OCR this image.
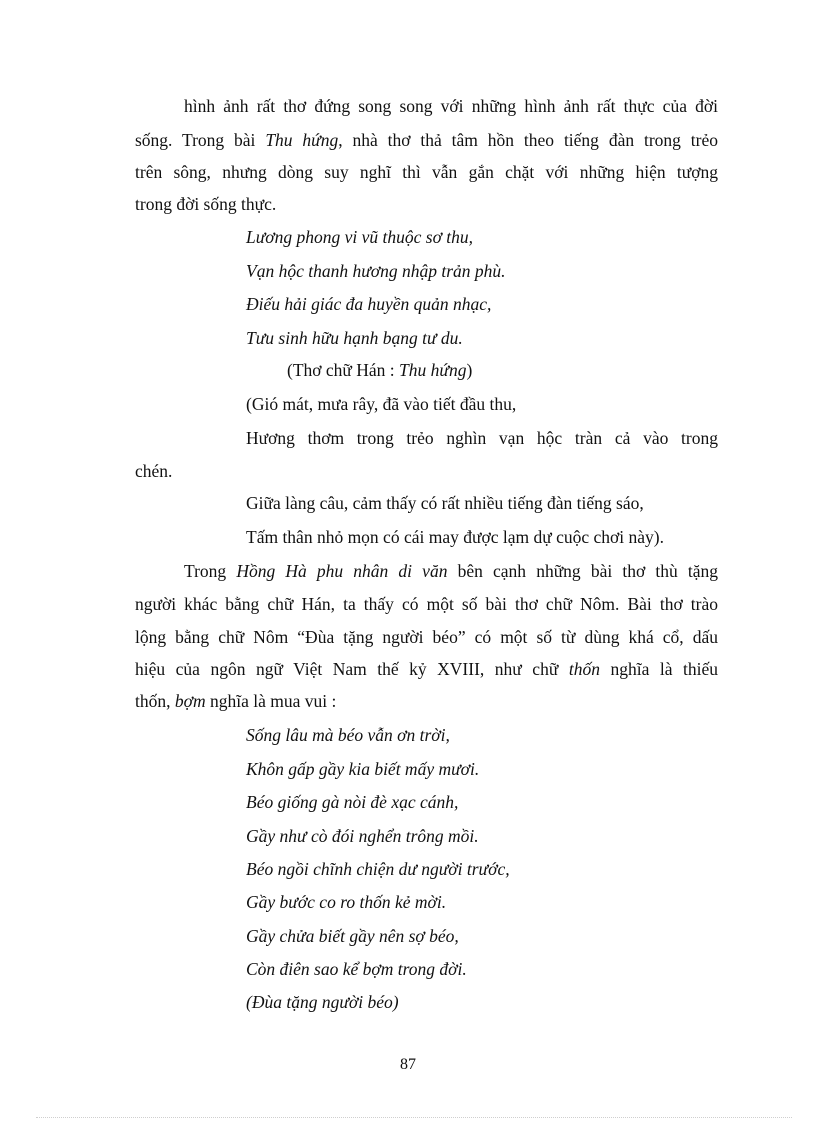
hình ảnh rất thơ đứng song song với những hình ảnh rất thực của đời
sống. Trong bài Thu hứng, nhà thơ thả tâm hồn theo tiếng đàn trong trẻo
trên sông, nhưng dòng suy nghĩ thì vẫn gắn chặt với những hiện tượng
trong đời sống thực.
Lương phong vi vũ thuộc sơ thu,
Vạn hộc thanh hương nhập trản phù.
Điếu hải giác đa huyền quản nhạc,
Tưu sinh hữu hạnh bạng tư du.
(Thơ chữ Hán : Thu hứng)
(Gió mát, mưa rây, đã vào tiết đầu thu,
Hương thơm trong trẻo nghìn vạn hộc tràn cả vào trong
chén.
Giữa làng câu, cảm thấy có rất nhiều tiếng đàn tiếng sáo,
Tấm thân nhỏ mọn có cái may được lạm dự cuộc chơi này).
Trong Hồng Hà phu nhân di văn bên cạnh những bài thơ thù tặng
người khác bằng chữ Hán, ta thấy có một số bài thơ chữ Nôm. Bài thơ trào
lộng bằng chữ Nôm “Đùa tặng người béo” có một số từ dùng khá cổ, dấu
hiệu của ngôn ngữ Việt Nam thế kỷ XVIII, như chữ thốn nghĩa là thiếu
thốn, bợm nghĩa là mua vui :
Sống lâu mà béo vẫn ơn trời,
Khôn gấp gầy kia biết mấy mươi.
Béo giống gà nòi đè xạc cánh,
Gầy như cò đói nghển trông mồi.
Béo ngồi chĩnh chiện dư người trước,
Gầy bước co ro thốn kẻ mời.
Gầy chửa biết gầy nên sợ béo,
Còn điên sao kể bợm trong đời.
(Đùa tặng người béo)
87
